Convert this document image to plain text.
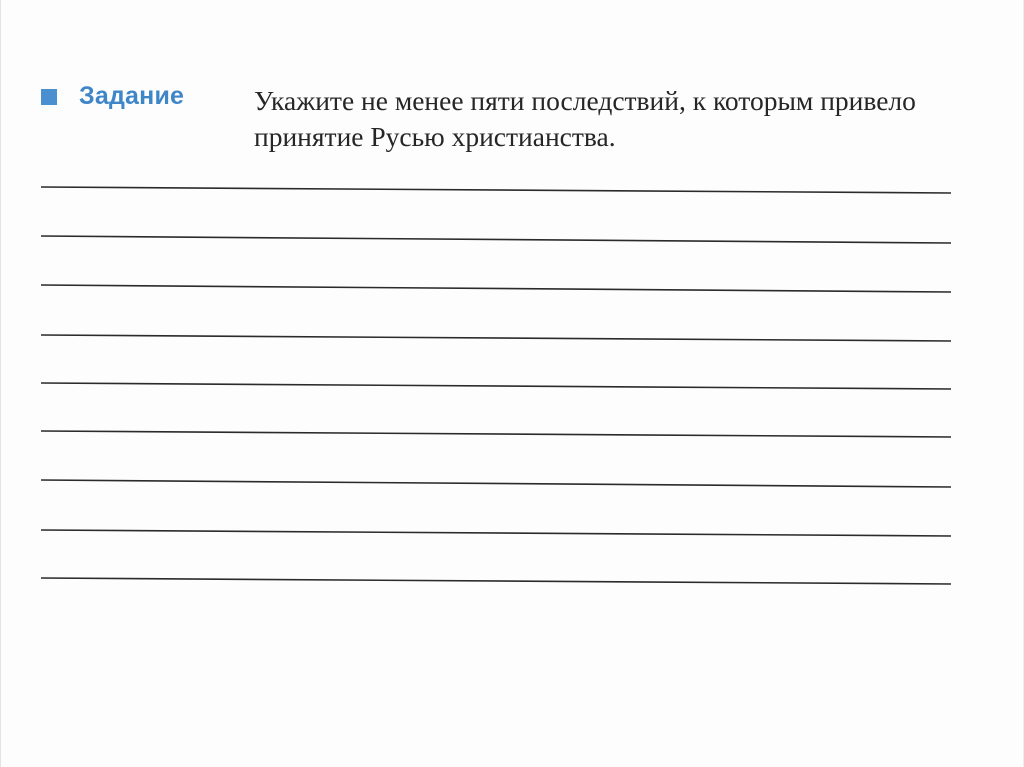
Задание	Укажите не менее пяти последствий, к которым привело
принятие Русью христианства.
